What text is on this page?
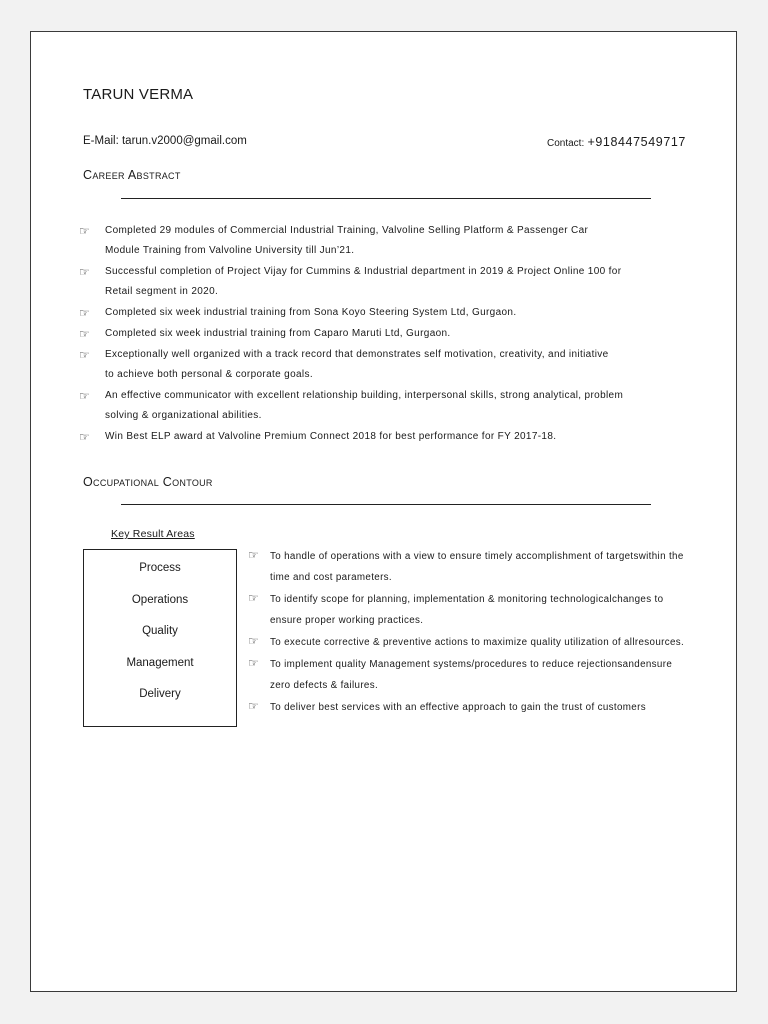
TARUN VERMA
E-Mail: tarun.v2000@gmail.com	Contact: +918447549717
Career Abstract
☞ Completed 29 modules of Commercial Industrial Training, Valvoline Selling Platform & Passenger Car
Module Training from Valvoline University till Jun’21.
☞ Successful completion of Project Vijay for Cummins & Industrial department in 2019 & Project Online 100 for
Retail segment in 2020.
☞ Completed six week industrial training from Sona Koyo Steering System Ltd, Gurgaon.
☞ Completed six week industrial training from Caparo Maruti Ltd, Gurgaon.
☞ Exceptionally well organized with a track record that demonstrates self motivation, creativity, and initiative
to achieve both personal & corporate goals.
☞ An effective communicator with excellent relationship building, interpersonal skills, strong analytical, problem
solving & organizational abilities.
☞ Win Best ELP award at Valvoline Premium Connect 2018 for best performance for FY 2017-18.
Occupational Contour
Key Result Areas
Process
Operations
Quality
Management
Delivery
☞ To handle of operations with a view to ensure timely accomplishment of targetswithin the time and cost parameters.
☞ To identify scope for planning, implementation & monitoring technologicalchanges to ensure proper working practices.
☞ To execute corrective & preventive actions to maximize quality utilization of allresources.
☞ To implement quality Management systems/procedures to reduce rejectionsandensure zero defects & failures.
☞ To deliver best services with an effective approach to gain the trust of customers
